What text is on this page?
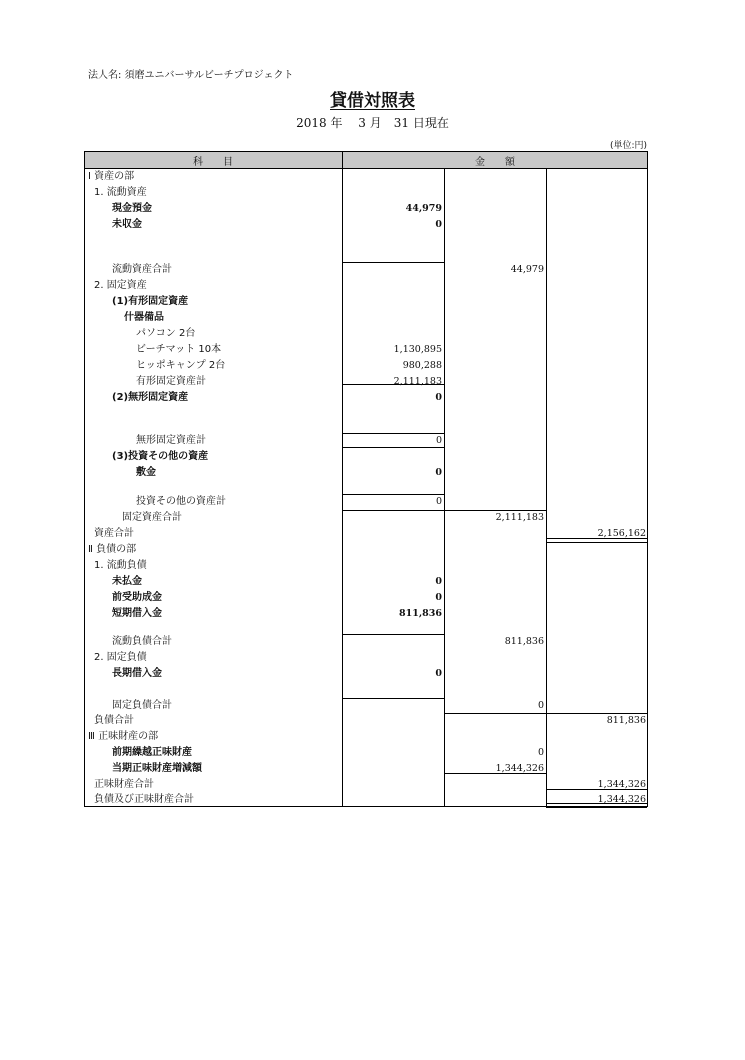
法人名: 須磨ユニバーサルビーチプロジェクト
貸借対照表
2018 年　 3 月　31 日現在
(単位:円)
科　　目	金　　額
Ⅰ 資産の部
1. 流動資産
現金預金	44,979
未収金	0
流動資産合計	44,979
2. 固定資産
(1)有形固定資産
什器備品
パソコン 2台
ビーチマット 10本	1,130,895
ヒッポキャンプ 2台	980,288
有形固定資産計	2,111,183
(2)無形固定資産	0
無形固定資産計	0
(3)投資その他の資産
敷金	0
投資その他の資産計	0
固定資産合計	2,111,183
資産合計	2,156,162
Ⅱ 負債の部
1. 流動負債
未払金	0
前受助成金	0
短期借入金	811,836
流動負債合計	811,836
2. 固定負債
長期借入金	0
固定負債合計	0
負債合計	811,836
Ⅲ 正味財産の部
前期繰越正味財産	0
当期正味財産増減額	1,344,326
正味財産合計	1,344,326
負債及び正味財産合計	1,344,326
